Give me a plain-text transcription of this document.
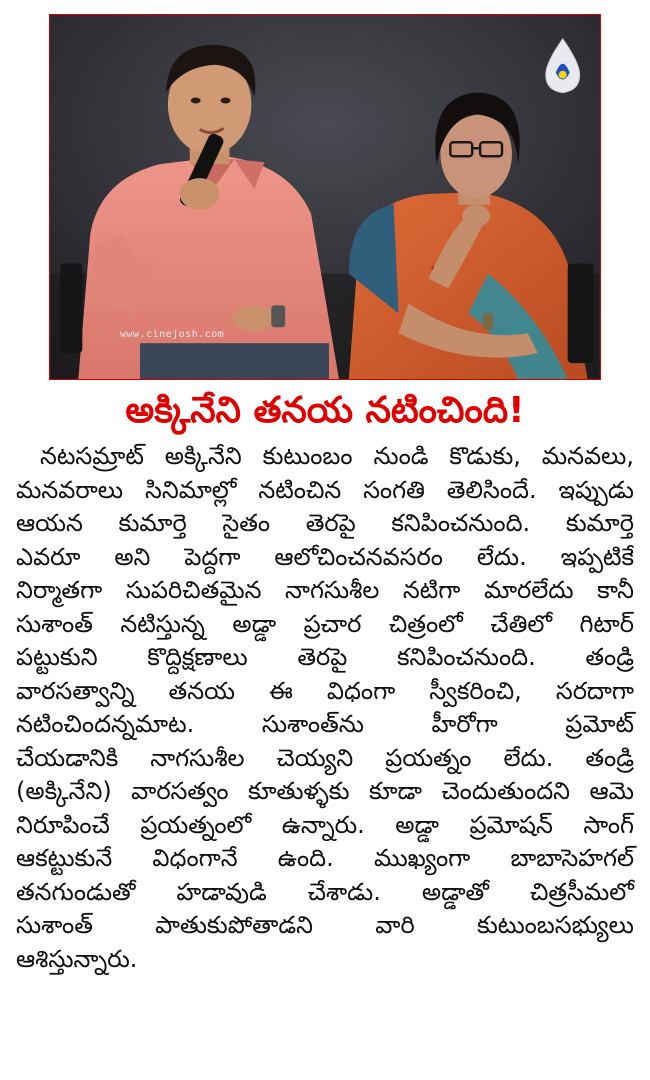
www.cinejosh.com
అక్కినేని తనయ నటించింది!
నటసమ్రాట్ అక్కినేని కుటుంబం నుండి కొడుకు, మనవలు,
మనవరాలు సినిమాల్లో నటించిన సంగతి తెలిసిందే. ఇప్పుడు
ఆయన కుమార్తె సైతం తెరపై కనిపించనుంది. కుమార్తె
ఎవరూ అని పెద్దగా ఆలోచించనవసరం లేదు. ఇప్పటికే
నిర్మాతగా సుపరిచితమైన నాగసుశీల నటిగా మారలేదు కానీ
సుశాంత్ నటిస్తున్న అడ్డా ప్రచార చిత్రంలో చేతిలో గిటార్
పట్టుకుని కొద్దిక్షణాలు తెరపై కనిపించనుంది. తండ్రి
వారసత్వాన్ని తనయ ఈ విధంగా స్వీకరించి, సరదాగా
నటించిందన్నమాట. సుశాంత్‌ను హీరోగా ప్రమోట్
చేయడానికి నాగసుశీల చెయ్యని ప్రయత్నం లేదు. తండ్రి
(అక్కినేని) వారసత్వం కూతుళ్ళకు కూడా చెందుతుందని ఆమె
నిరూపించే ప్రయత్నంలో ఉన్నారు. అడ్డా ప్రమోషన్ సాంగ్
ఆకట్టుకునే విధంగానే ఉంది. ముఖ్యంగా బాబాసెహగల్
తనగుండుతో హడావుడి చేశాడు. అడ్డాతో చిత్రసీమలో
సుశాంత్ పాతుకుపోతాడని వారి కుటుంబసభ్యులు
ఆశిస్తున్నారు.
